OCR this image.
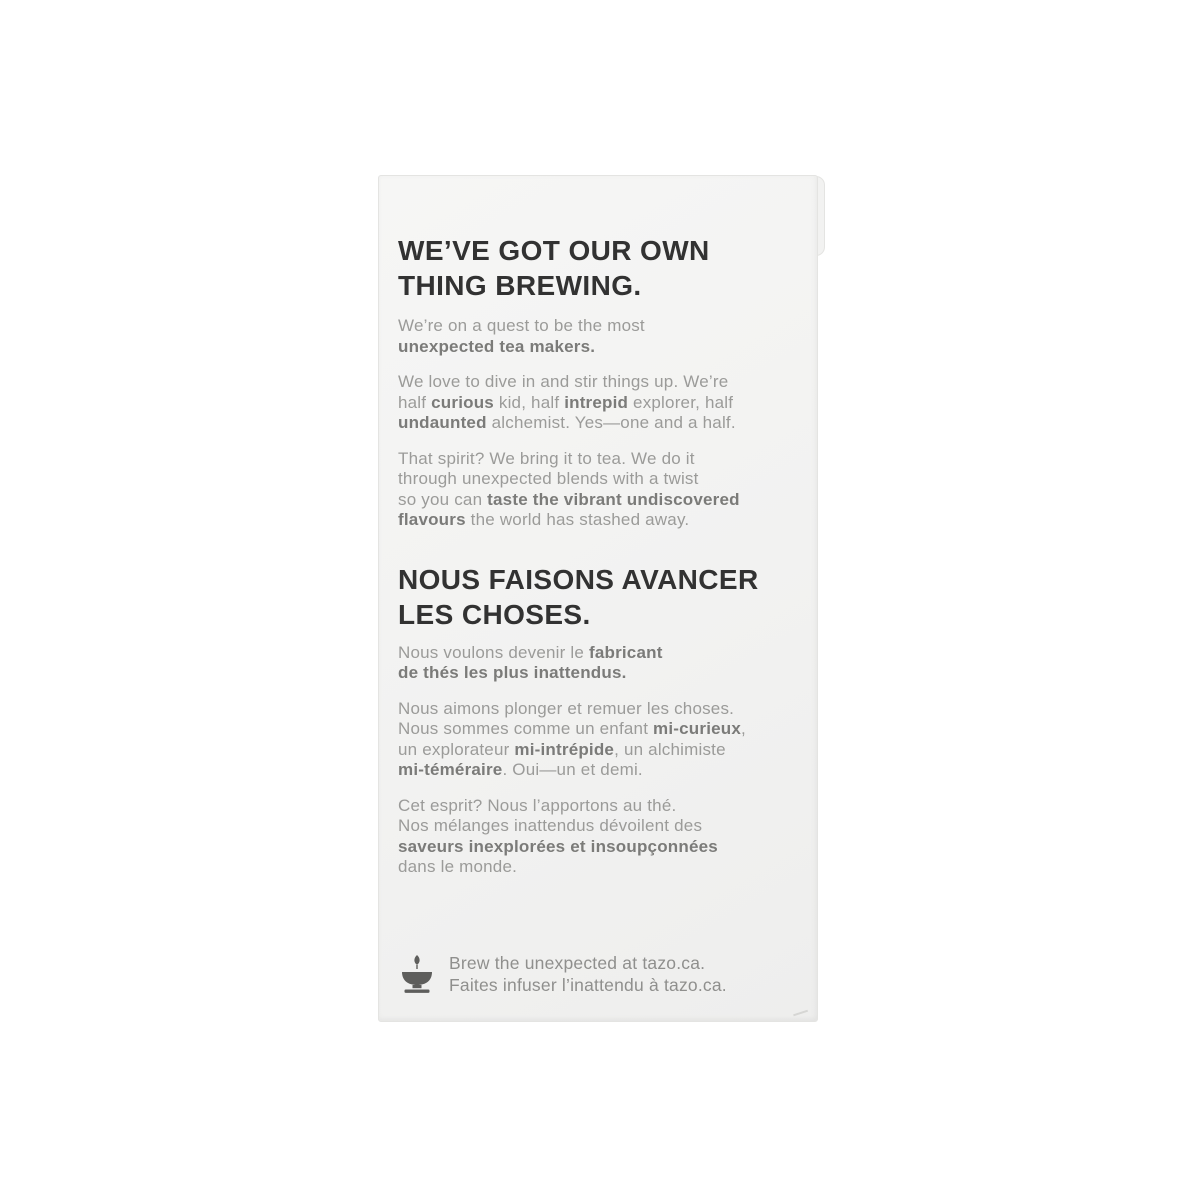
WE’VE GOT OUR OWN
THING BREWING.
We’re on a quest to be the most
unexpected tea makers.
We love to dive in and stir things up. We’re
half curious kid, half intrepid explorer, half
undaunted alchemist. Yes—one and a half.
That spirit? We bring it to tea. We do it
through unexpected blends with a twist
so you can taste the vibrant undiscovered
flavours the world has stashed away.
NOUS FAISONS AVANCER
LES CHOSES.
Nous voulons devenir le fabricant
de thés les plus inattendus.
Nous aimons plonger et remuer les choses.
Nous sommes comme un enfant mi-curieux,
un explorateur mi-intrépide, un alchimiste
mi-téméraire. Oui—un et demi.
Cet esprit? Nous l’apportons au thé.
Nos mélanges inattendus dévoilent des
saveurs inexplorées et insoupçonnées
dans le monde.
Brew the unexpected at tazo.ca.
Faites infuser l’inattendu à tazo.ca.
